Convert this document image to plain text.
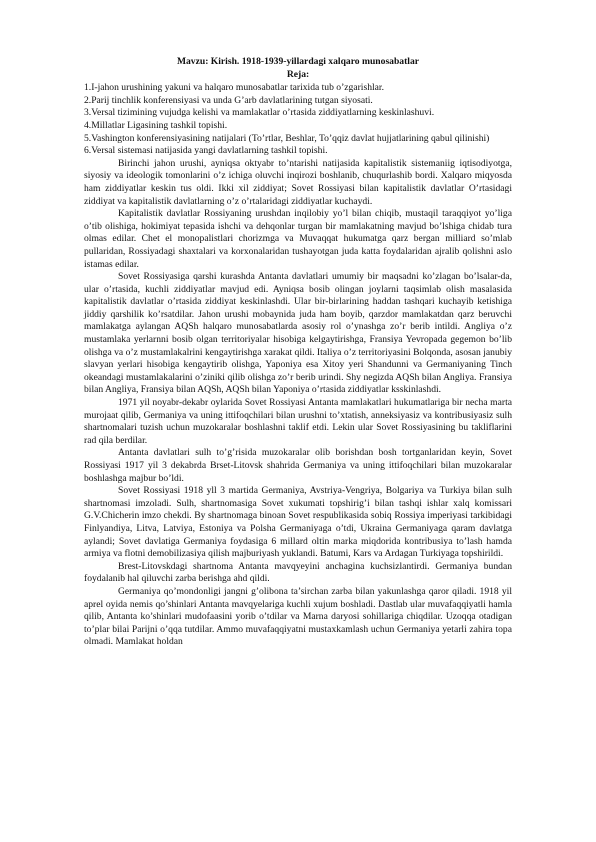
Mavzu: Kirish. 1918-1939-yillardagi xalqaro munosabatlar

Reja:

1.I-jahon urushining yakuni va halqaro munosabatlar tarixida tub o’zgarishlar.
2.Parij tinchlik konferensiyasi va unda G’arb davlatlarining tutgan siyosati.
3.Versal tizimining vujudga kelishi va mamlakatlar o’rtasida ziddiyatlarning keskinlashuvi.
4.Millatlar Ligasining tashkil topishi.
5.Vashington konferensiyasining natijalari (To’rtlar, Beshlar, To’qqiz davlat hujjatlarining qabul qilinishi)
6.Versal sistemasi natijasida yangi davlatlarning tashkil topishi.

Birinchi jahon urushi, ayniqsa oktyabr to’ntarishi natijasida kapitalistik sistemaniig iqtisodiyotga, siyosiy va ideologik tomonlarini o’z ichiga oluvchi inqirozi boshlanib, chuqurlashib bordi. Xalqaro miqyosda ham ziddiyatlar keskin tus oldi. Ikki xil ziddiyat; Sovet Rossiyasi bilan kapitalistik davlatlar O’rtasidagi ziddiyat va kapitalistik davlatlarning o’z o’rtalaridagi ziddiyatlar kuchaydi.

Kapitalistik davlatlar Rossiyaning urushdan inqilobiy yo’l bilan chiqib, mustaqil taraqqiyot yo’liga o’tib olishiga, hokimiyat tepasida ishchi va dehqonlar turgan bir mamlakatning mavjud bo’lshiga chidab tura olmas edilar. Chet el monopalistlari chorizmga va Muvaqqat hukumatga qarz bergan milliard so’mlab pullaridan, Rossiyadagi shaxtalari va korxonalaridan tushayotgan juda katta foydalaridan ajralib qolishni aslo istamas edilar.

Sovet Rossiyasiga qarshi kurashda Antanta davlatlari umumiy bir maqsadni ko’zlagan bo’lsalar-da, ular o’rtasida, kuchli ziddiyatlar mavjud edi. Ayniqsa bosib olingan joylarni taqsimlab olish masalasida kapitalistik davlatlar o’rtasida ziddiyat keskinlashdi. Ular bir-birlarining haddan tashqari kuchayib ketishiga jiddiy qarshilik ko’rsatdilar. Jahon urushi mobaynida juda ham boyib, qarzdor mamlakatdan qarz beruvchi mamlakatga aylangan AQSh halqaro munosabatlarda asosiy rol o’ynashga zo’r berib intildi. Angliya o’z mustamlaka yerlarnni bosib olgan territoriyalar hisobiga kelgaytirishga, Fransiya Yevropada gegemon bo’lib olishga va o’z mustamlakalrini kengaytirishga xarakat qildi. Italiya o’z territoriyasini Bolqonda, asosan janubiy slavyan yerlari hisobiga kengaytirib olishga, Yaponiya esa Xitoy yeri Shandunni va Germaniyaning Tinch okeandagi mustamlakalarini o’ziniki qilib olishga zo’r berib urindi. Shy negizda AQSh bilan Angliya. Fransiya bilan Angliya, Fransiya bilan AQSh, AQSh bilan Yaponiya o’rtasida ziddiyatlar ksskinlashdi.

1971 yil noyabr-dekabr oylarida Sovet Rossiyasi Antanta mamlakatlari hukumatlariga bir necha marta murojaat qilib, Germaniya va uning ittifoqchilari bilan urushni to’xtatish, anneksiyasiz va kontribusiyasiz sulh shartnomalari tuzish uchun muzokaralar boshlashni taklif etdi. Lekin ular Sovet Rossiyasining bu takliflarini rad qila berdilar.

Antanta davlatlari sulh to’g’risida muzokaralar olib borishdan bosh tortganlaridan keyin, Sovet Rossiyasi 1917 yil 3 dekabrda Brset-Litovsk shahrida Germaniya va uning ittifoqchilari bilan muzokaralar boshlashga majbur bo’ldi.

Sovet Rossiyasi 1918 yll 3 martida Germaniya, Avstriya-Vengriya, Bolgariya va Turkiya bilan sulh shartnomasi imzoladi. Sulh, shartnomasiga Sovet xukumati topshirig’i bilan tashqi ishlar xalq komissari G.V.Chicherin imzo chekdi. By shartnomaga binoan Sovet respublikasida sobiq Rossiya imperiyasi tarkibidagi Finlyandiya, Litva, Latviya, Estoniya va Polsha Germaniyaga o’tdi, Ukraina Germaniyaga qaram davlatga aylandi; Sovet davlatiga Germaniya foydasiga 6 millard oltin marka miqdorida kontribusiya to’lash hamda armiya va flotni demobilizasiya qilish majburiyash yuklandi. Batumi, Kars va Ardagan Turkiyaga topshirildi.

Brest-Litovskdagi shartnoma Antanta mavqyeyini anchagina kuchsizlantirdi. Germaniya bundan foydalanib hal qiluvchi zarba berishga ahd qildi.

Germaniya qo’mondonligi jangni g’olibona ta’sirchan zarba bilan yakunlashga qaror qiladi. 1918 yil aprel oyida nemis qo’shinlari Antanta mavqyelariga kuchli xujum boshladi. Dastlab ular muvafaqqiyatli hamla qilib, Antanta ko’shinlari mudofaasini yorib o’tdilar va Marna daryosi sohillariga chiqdilar. Uzoqqa otadigan to’plar bilai Parijni o’qqa tutdilar. Ammo muvafaqqiyatni mustaxkamlash uchun Germaniya yetarli zahira topa olmadi. Mamlakat holdan
